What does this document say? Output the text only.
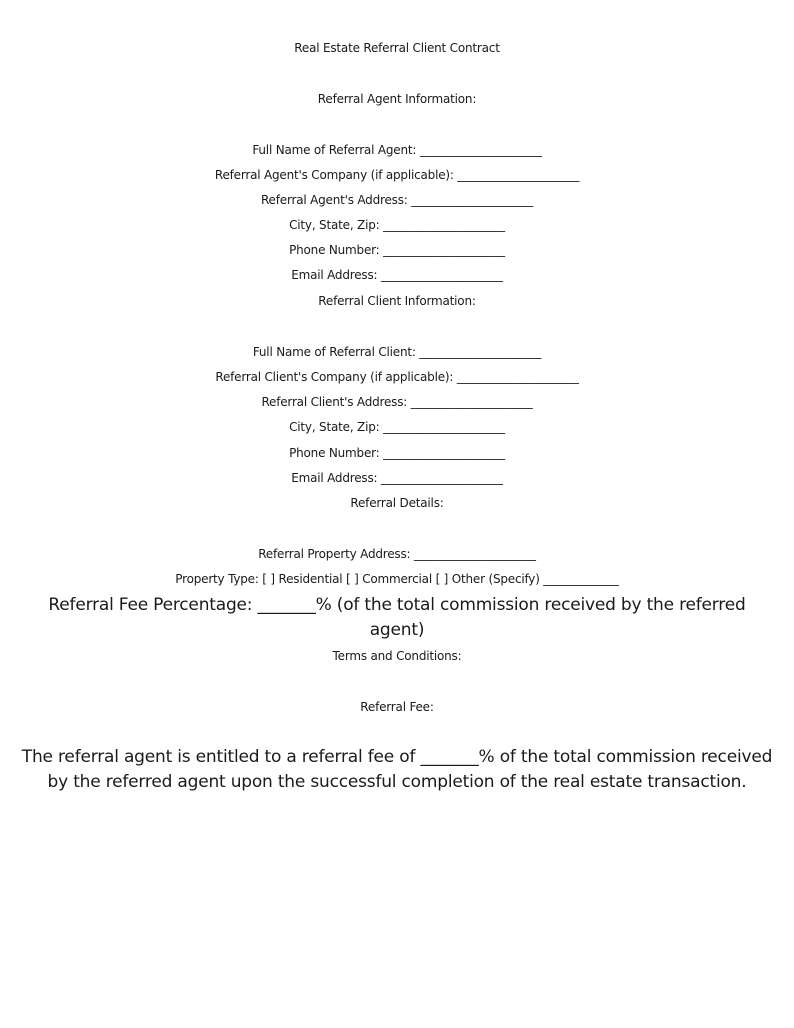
Real Estate Referral Client Contract
Referral Agent Information:
Full Name of Referral Agent: _____________________
Referral Agent's Company (if applicable): _____________________
Referral Agent's Address: _____________________
City, State, Zip: _____________________
Phone Number: _____________________
Email Address: _____________________
Referral Client Information:
Full Name of Referral Client: _____________________
Referral Client's Company (if applicable): _____________________
Referral Client's Address: _____________________
City, State, Zip: _____________________
Phone Number: _____________________
Email Address: _____________________
Referral Details:
Referral Property Address: _____________________
Property Type: [ ] Residential [ ] Commercial [ ] Other (Specify) _____________
Referral Fee Percentage: _______% (of the total commission received by the referred agent)
Terms and Conditions:
Referral Fee:
The referral agent is entitled to a referral fee of _______% of the total commission received by the referred agent upon the successful completion of the real estate transaction.
